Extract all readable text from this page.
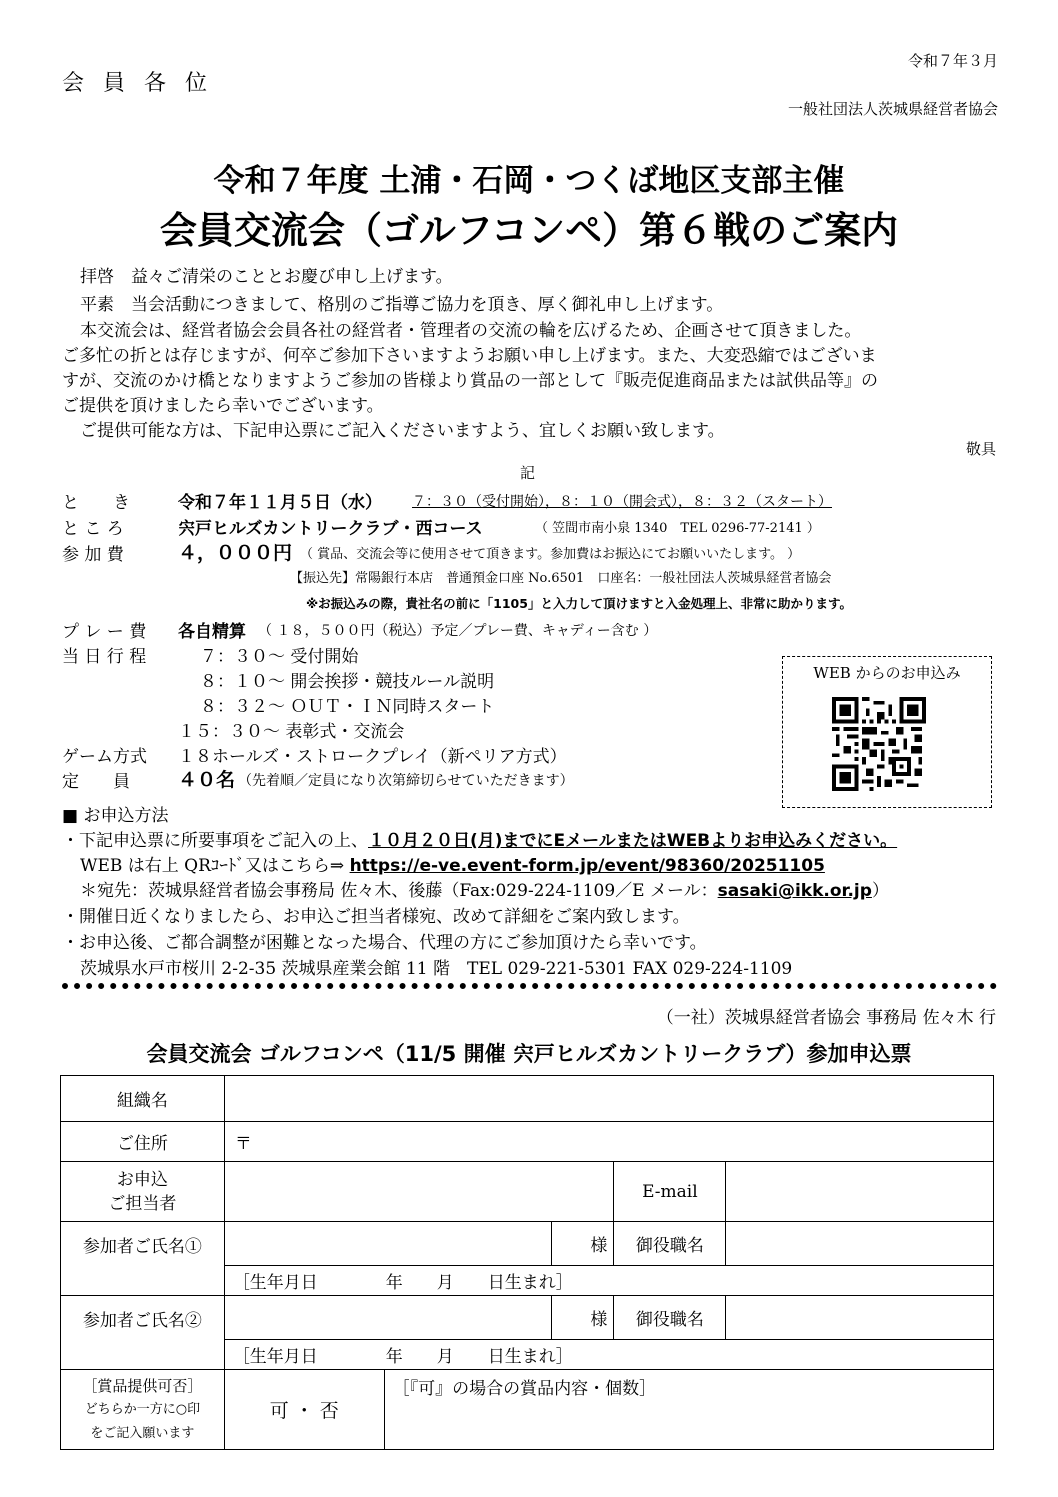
令和７年３月
会 員 各 位
一般社団法人茨城県経営者協会
令和７年度 土浦・石岡・つくば地区支部主催
会員交流会（ゴルフコンペ）第６戦のご案内
拝啓　益々ご清栄のこととお慶び申し上げます。
平素　当会活動につきまして、格別のご指導ご協力を頂き、厚く御礼申し上げます。
本交流会は、経営者協会会員各社の経営者・管理者の交流の輪を広げるため、企画させて頂きました。
ご多忙の折とは存じますが、何卒ご参加下さいますようお願い申し上げます。また、大変恐縮ではございま
すが、交流のかけ橋となりますようご参加の皆様より賞品の一部として『販売促進商品または試供品等』の
ご提供を頂けましたら幸いでございます。
ご提供可能な方は、下記申込票にご記入くださいますよう、宜しくお願い致します。
敬具
記
と　　き	令和７年１１月５日（水） ７：３０（受付開始），８：１０（開会式），８：３２（スタート）
と こ ろ	宍戸ヒルズカントリークラブ・西コース	（ 笠間市南小泉 1340　TEL 0296-77-2141 ）
参 加 費	４，０００円 （ 賞品、交流会等に使用させて頂きます。参加費はお振込にてお願いいたします。 ）
【振込先】常陽銀行本店　普通預金口座 No.6501　口座名：一般社団法人茨城県経営者協会
※お振込みの際，貴社名の前に「1105」と入力して頂けますと入金処理上、非常に助かります。
プ レ ー 費 各自精算 （ １８，５００円（税込）予定／プレー費、キャディー含む ）
当 日 行 程	７：３０～ 受付開始
８：１０～ 開会挨拶・競技ルール説明
８：３２～ ＯＵＴ・ＩＮ同時スタート
１５：３０～ 表彰式・交流会
ゲーム方式 １８ホールズ・ストロークプレイ（新ペリア方式）
定　　員	４０名 （先着順／定員になり次第締切らせていただきます）
WEB からのお申込み
■ お申込方法
・下記申込票に所要事項をご記入の上、１０月２０日(月)までにEメールまたはWEBよりお申込みください。
WEB は右上 QRｺｰﾄﾞ又はこちら⇒ https://e-ve.event-form.jp/event/98360/20251105
＊宛先：茨城県経営者協会事務局 佐々木、後藤（Fax:029-224-1109／E メール：sasaki@ikk.or.jp）
・開催日近くなりましたら、お申込ご担当者様宛、改めて詳細をご案内致します。
・お申込後、ご都合調整が困難となった場合、代理の方にご参加頂けたら幸いです。
茨城県水戸市桜川 2-2-35 茨城県産業会館 11 階　TEL 029-221-5301 FAX 029-224-1109
（一社）茨城県経営者協会 事務局 佐々木 行
会員交流会 ゴルフコンペ（11/5 開催 宍戸ヒルズカントリークラブ）参加申込票
組織名					
ご住所	〒				
お申込
ご担当者				E-mail	
参加者ご氏名①			様	御役職名	
	［生年月日　　　　年　　月　　日生まれ］				
参加者ご氏名②			様	御役職名	
	［生年月日　　　　年　　月　　日生まれ］				
［賞品提供可否］
どちらか一方に○印
をご記入願います	可 ・ 否	［『可』の場合の賞品内容・個数］			
